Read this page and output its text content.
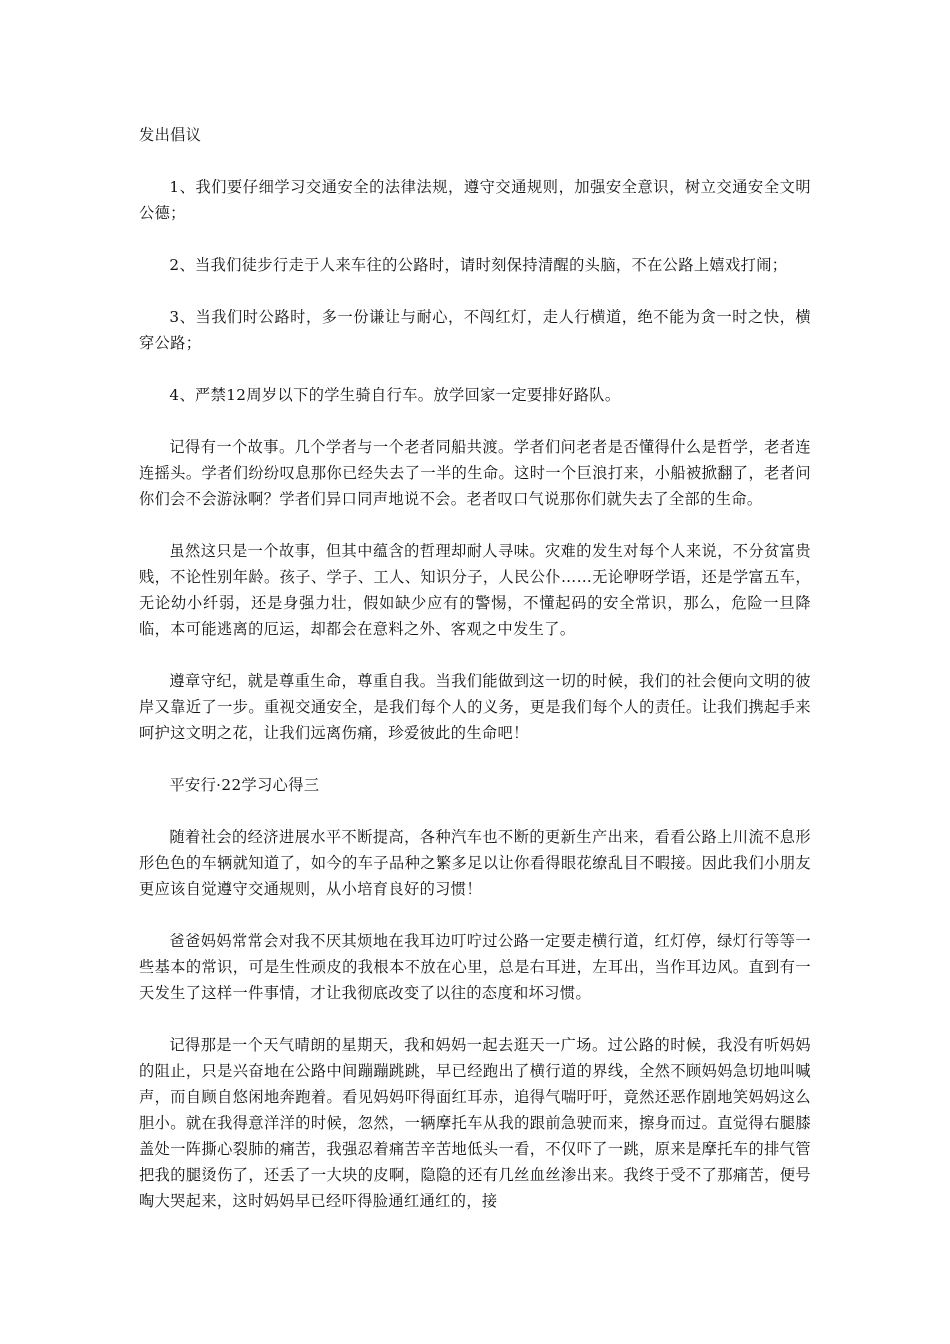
发出倡议

1、我们要仔细学习交通安全的法律法规，遵守交通规则，加强安全意识，树立交通安全文明公德；

2、当我们徒步行走于人来车往的公路时，请时刻保持清醒的头脑，不在公路上嬉戏打闹；

3、当我们时公路时，多一份谦让与耐心，不闯红灯，走人行横道，绝不能为贪一时之快，横穿公路；

4、严禁12周岁以下的学生骑自行车。放学回家一定要排好路队。

记得有一个故事。几个学者与一个老者同船共渡。学者们问老者是否懂得什么是哲学，老者连连摇头。学者们纷纷叹息那你已经失去了一半的生命。这时一个巨浪打来，小船被掀翻了，老者问你们会不会游泳啊？学者们异口同声地说不会。老者叹口气说那你们就失去了全部的生命。

虽然这只是一个故事，但其中蕴含的哲理却耐人寻味。灾难的发生对每个人来说，不分贫富贵贱，不论性别年龄。孩子、学子、工人、知识分子，人民公仆……无论咿呀学语，还是学富五车，无论幼小纤弱，还是身强力壮，假如缺少应有的警惕，不懂起码的安全常识，那么，危险一旦降临，本可能逃离的厄运，却都会在意料之外、客观之中发生了。

遵章守纪，就是尊重生命，尊重自我。当我们能做到这一切的时候，我们的社会便向文明的彼岸又靠近了一步。重视交通安全，是我们每个人的义务，更是我们每个人的责任。让我们携起手来呵护这文明之花，让我们远离伤痛，珍爱彼此的生命吧！

平安行·22学习心得三

随着社会的经济进展水平不断提高，各种汽车也不断的更新生产出来，看看公路上川流不息形形色色的车辆就知道了，如今的车子品种之繁多足以让你看得眼花缭乱目不暇接。因此我们小朋友更应该自觉遵守交通规则，从小培育良好的习惯！

爸爸妈妈常常会对我不厌其烦地在我耳边叮咛过公路一定要走横行道，红灯停，绿灯行等等一些基本的常识，可是生性顽皮的我根本不放在心里，总是右耳进，左耳出，当作耳边风。直到有一天发生了这样一件事情，才让我彻底改变了以往的态度和坏习惯。

记得那是一个天气晴朗的星期天，我和妈妈一起去逛天一广场。过公路的时候，我没有听妈妈的阻止，只是兴奋地在公路中间蹦蹦跳跳，早已经跑出了横行道的界线，全然不顾妈妈急切地叫喊声，而自顾自悠闲地奔跑着。看见妈妈吓得面红耳赤，追得气喘吁吁，竟然还恶作剧地笑妈妈这么胆小。就在我得意洋洋的时候，忽然，一辆摩托车从我的跟前急驶而来，擦身而过。直觉得右腿膝盖处一阵撕心裂肺的痛苦，我强忍着痛苦辛苦地低头一看，不仅吓了一跳，原来是摩托车的排气管把我的腿烫伤了，还丢了一大块的皮啊，隐隐的还有几丝血丝渗出来。我终于受不了那痛苦，便号啕大哭起来，这时妈妈早已经吓得脸通红通红的，接
